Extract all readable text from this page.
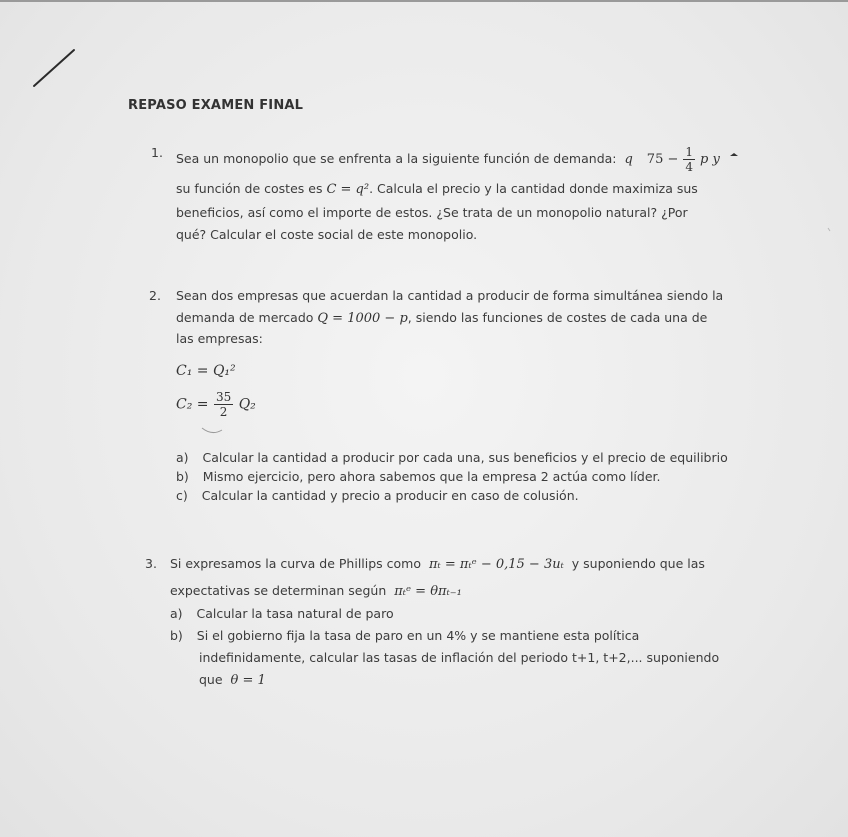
REPASO EXAMEN FINAL
1. Sea un monopolio que se enfrenta a la siguiente función de demanda: q $75 - \frac{1}{4}$ p y
su función de costes es C = q². Calcula el precio y la cantidad donde maximiza sus
beneficios, así como el importe de estos. ¿Se trata de un monopolio natural? ¿Por
qué? Calcular el coste social de este monopolio.
2. Sean dos empresas que acuerdan la cantidad a producir de forma simultánea siendo la
demanda de mercado Q = 1000 − p, siendo las funciones de costes de cada una de
las empresas:
C₁ = Q₁²
$C_2 = \frac{35}{2} Q_2$
a) Calcular la cantidad a producir por cada una, sus beneficios y el precio de equilibrio
b) Mismo ejercicio, pero ahora sabemos que la empresa 2 actúa como líder.
c) Calcular la cantidad y precio a producir en caso de colusión.
3. Si expresamos la curva de Phillips como πₜ = πₜᵉ − 0,15 − 3uₜ y suponiendo que las
expectativas se determinan según πₜᵉ = θπₜ₋₁
a) Calcular la tasa natural de paro
b) Si el gobierno fija la tasa de paro en un 4% y se mantiene esta política
indefinidamente, calcular las tasas de inflación del periodo t+1, t+2,... suponiendo
que θ = 1
